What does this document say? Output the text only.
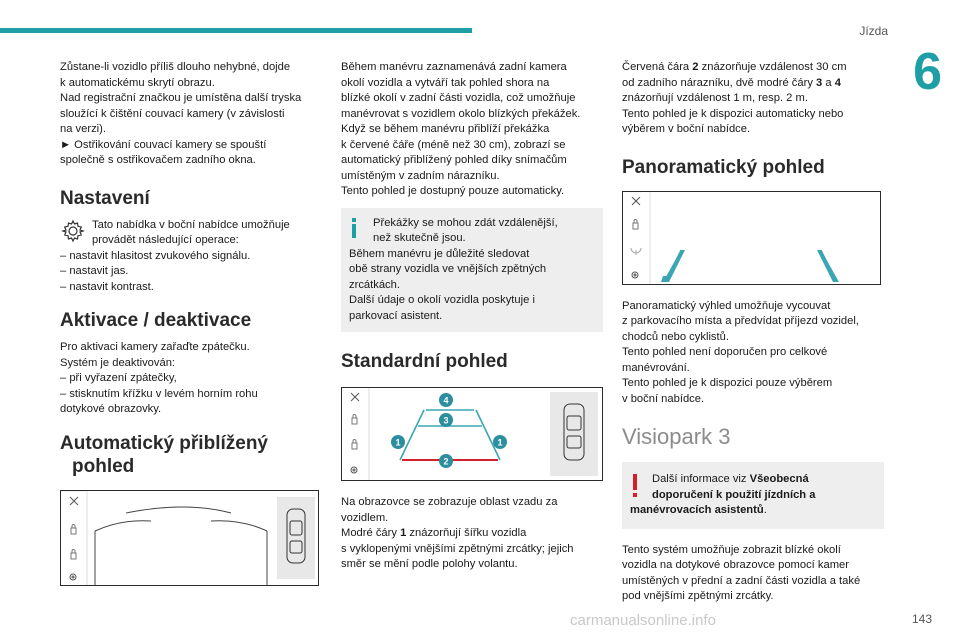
Jízda
6
143
carmanualsonline.info

Zůstane-li vozidlo příliš dlouho nehybné, dojde

k automatickému skrytí obrazu.

Nad registrační značkou je umístěna další tryska

sloužící k čištění couvací kamery (v závislosti

na verzi).

► Ostřikování couvací kamery se spouští

společně s ostřikovačem zadního okna.

Nastavení

Tato nabídka v boční nabídce umožňuje

provádět následující operace:

– nastavit hlasitost zvukového signálu.

– nastavit jas.

– nastavit kontrast.

Aktivace / deaktivace

Pro aktivaci kamery zařaďte zpátečku.

Systém je deaktivován:

– při vyřazení zpátečky,

– stisknutím křížku v levém horním rohu

dotykové obrazovky.

Automatický přiblížený
pohled

Během manévru zaznamenává zadní kamera

okolí vozidla a vytváří tak pohled shora na

blízké okolí v zadní části vozidla, což umožňuje

manévrovat s vozidlem okolo blízkých překážek.

Když se během manévru přiblíží překážka

k červené čáře (méně než 30 cm), zobrazí se

automatický přiblížený pohled díky snímačům

umístěným v zadním nárazníku.

Tento pohled je dostupný pouze automaticky.

Překážky se mohou zdát vzdálenější,

než skutečně jsou.

Během manévru je důležité sledovat

obě strany vozidla ve vnějších zpětných

zrcátkách.

Další údaje o okolí vozidla poskytuje i

parkovací asistent.

Standardní pohled
4
3
1	1
2

Na obrazovce se zobrazuje oblast vzadu za

vozidlem.

Modré čáry 1 znázorňují šířku vozidla

s vyklopenými vnějšími zpětnými zrcátky; jejich

směr se mění podle polohy volantu.

Červená čára 2 znázorňuje vzdálenost 30 cm

od zadního nárazníku, dvě modré čáry 3 a 4

znázorňují vzdálenost 1 m, resp. 2 m.

Tento pohled je k dispozici automaticky nebo

výběrem v boční nabídce.

Panoramatický pohled

Panoramatický výhled umožňuje vycouvat

z parkovacího místa a předvídat příjezd vozidel,

chodců nebo cyklistů.

Tento pohled není doporučen pro celkové

manévrování.

Tento pohled je k dispozici pouze výběrem

v boční nabídce.

Visiopark 3

Další informace viz Všeobecná

doporučení k použití jízdních a

manévrovacích asistentů.

Tento systém umožňuje zobrazit blízké okolí

vozidla na dotykové obrazovce pomocí kamer

umístěných v přední a zadní části vozidla a také

pod vnějšími zpětnými zrcátky.
